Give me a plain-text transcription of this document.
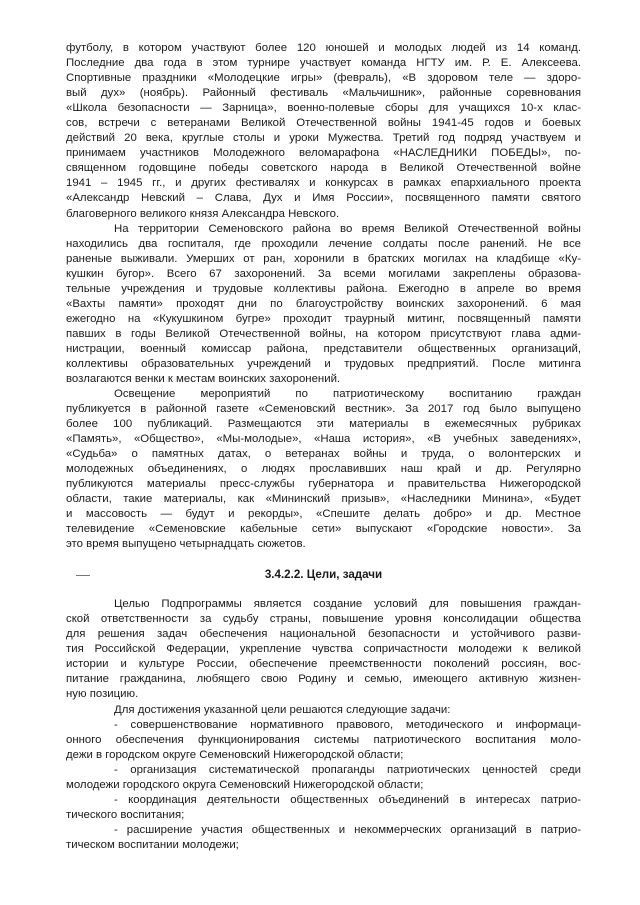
футболу, в котором участвуют более 120 юношей и молодых людей из 14 команд.
Последние два года в этом турнире участвует команда НГТУ им. Р. Е. Алексеева.
Спортивные праздники «Молодецкие игры» (февраль), «В здоровом теле — здоро-
вый дух» (ноябрь). Районный фестиваль «Мальчишник», районные соревнования
«Школа безопасности — Зарница», военно-полевые сборы для учащихся 10-х клас-
сов, встречи с ветеранами Великой Отечественной войны 1941-45 годов и боевых
действий 20 века, круглые столы и уроки Мужества. Третий год подряд участвуем и
принимаем участников Молодежного веломарафона «НАСЛЕДНИКИ ПОБЕДЫ», по-
священном годовщине победы советского народа в Великой Отечественной войне
1941 – 1945 гг., и других фестивалях и конкурсах в рамках епархиального проекта
«Александр Невский – Слава, Дух и Имя России», посвященного памяти святого
благоверного великого князя Александра Невского.
На территории Семеновского района во время Великой Отечественной войны
находились два госпиталя, где проходили лечение солдаты после ранений. Не все
раненые выживали. Умерших от ран, хоронили в братских могилах на кладбище «Ку-
кушкин бугор». Всего 67 захоронений. За всеми могилами закреплены образова-
тельные учреждения и трудовые коллективы района. Ежегодно в апреле во время
«Вахты памяти» проходят дни по благоустройству воинских захоронений. 6 мая
ежегодно на «Кукушкином бугре» проходит траурный митинг, посвященный памяти
павших в годы Великой Отечественной войны, на котором присутствуют глава адми-
нистрации, военный комиссар района, представители общественных организаций,
коллективы образовательных учреждений и трудовых предприятий. После митинга
возлагаются венки к местам воинских захоронений.
Освещение мероприятий по патриотическому воспитанию граждан
публикуется в районной газете «Семеновский вестник». За 2017 год было выпущено
более 100 публикаций. Размещаются эти материалы в ежемесячных рубриках
«Память», «Общество», «Мы-молодые», «Наша история», «В учебных заведениях»,
«Судьба» о памятных датах, о ветеранах войны и труда, о волонтерских и
молодежных объединениях, о людях прославивших наш край и др. Регулярно
публикуются материалы пресс-службы губернатора и правительства Нижегородской
области, такие материалы, как «Мининский призыв», «Наследники Минина», «Будет
и массовость — будут и рекорды», «Спешите делать добро» и др. Местное
телевидение «Семеновские кабельные сети» выпускают «Городские новости». За
это время выпущено четырнадцать сюжетов.
3.4.2.2. Цели, задачи
Целью Подпрограммы является создание условий для повышения граждан-
ской ответственности за судьбу страны, повышение уровня консолидации общества
для решения задач обеспечения национальной безопасности и устойчивого разви-
тия Российской Федерации, укрепление чувства сопричастности молодежи к великой
истории и культуре России, обеспечение преемственности поколений россиян, вос-
питание гражданина, любящего свою Родину и семью, имеющего активную жизнен-
ную позицию.
Для достижения указанной цели решаются следующие задачи:
- совершенствование нормативного правового, методического и информаци-
онного обеспечения функционирования системы патриотического воспитания моло-
дежи в городском округе Семеновский Нижегородской области;
- организация систематической пропаганды патриотических ценностей среди
молодежи городского округа Семеновский Нижегородской области;
- координация деятельности общественных объединений в интересах патрио-
тического воспитания;
- расширение участия общественных и некоммерческих организаций в патрио-
тическом воспитании молодежи;
